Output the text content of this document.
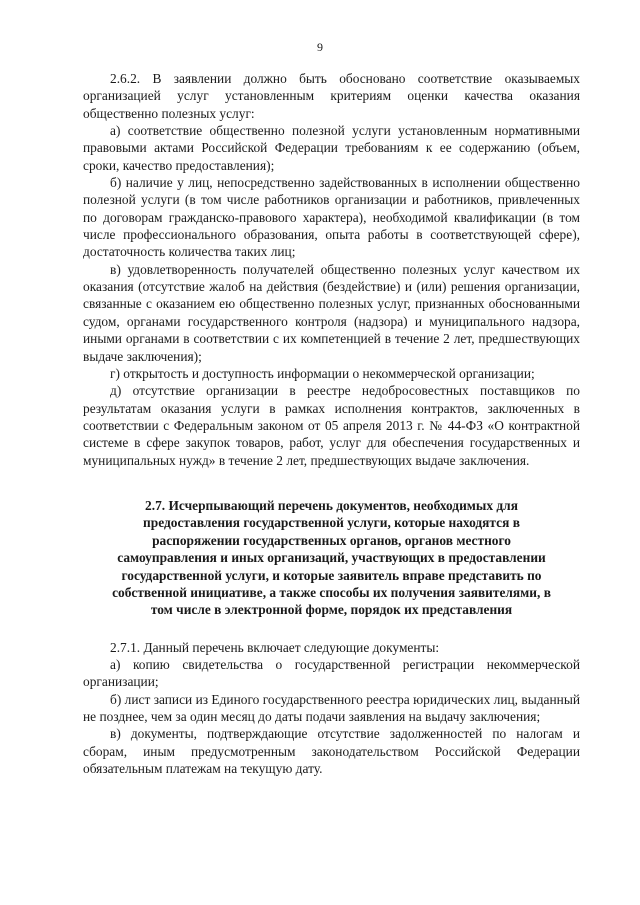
9

2.6.2. В заявлении должно быть обосновано соответствие оказываемых организацией услуг установленным критериям оценки качества оказания общественно полезных услуг:

а) соответствие общественно полезной услуги установленным нормативными правовыми актами Российской Федерации требованиям к ее содержанию (объем, сроки, качество предоставления);

б) наличие у лиц, непосредственно задействованных в исполнении общественно полезной услуги (в том числе работников организации и работников, привлеченных по договорам гражданско-правового характера), необходимой квалификации (в том числе профессионального образования, опыта работы в соответствующей сфере), достаточность количества таких лиц;

в) удовлетворенность получателей общественно полезных услуг качеством их оказания (отсутствие жалоб на действия (бездействие) и (или) решения организации, связанные с оказанием ею общественно полезных услуг, признанных обоснованными судом, органами государственного контроля (надзора) и муниципального надзора, иными органами в соответствии с их компетенцией в течение 2 лет, предшествующих выдаче заключения);

г) открытость и доступность информации о некоммерческой организации;

д) отсутствие организации в реестре недобросовестных поставщиков по результатам оказания услуги в рамках исполнения контрактов, заключенных в соответствии с Федеральным законом от 05 апреля 2013 г. № 44-ФЗ «О контрактной системе в сфере закупок товаров, работ, услуг для обеспечения государственных и муниципальных нужд» в течение 2 лет, предшествующих выдаче заключения.

2.7. Исчерпывающий перечень документов, необходимых для предоставления государственной услуги, которые находятся в распоряжении государственных органов, органов местного самоуправления и иных организаций, участвующих в предоставлении государственной услуги, и которые заявитель вправе представить по собственной инициативе, а также способы их получения заявителями, в том числе в электронной форме, порядок их представления

2.7.1. Данный перечень включает следующие документы:

а) копию свидетельства о государственной регистрации некоммерческой организации;

б) лист записи из Единого государственного реестра юридических лиц, выданный не позднее, чем за один месяц до даты подачи заявления на выдачу заключения;

в) документы, подтверждающие отсутствие задолженностей по налогам и сборам, иным предусмотренным законодательством Российской Федерации обязательным платежам на текущую дату.
